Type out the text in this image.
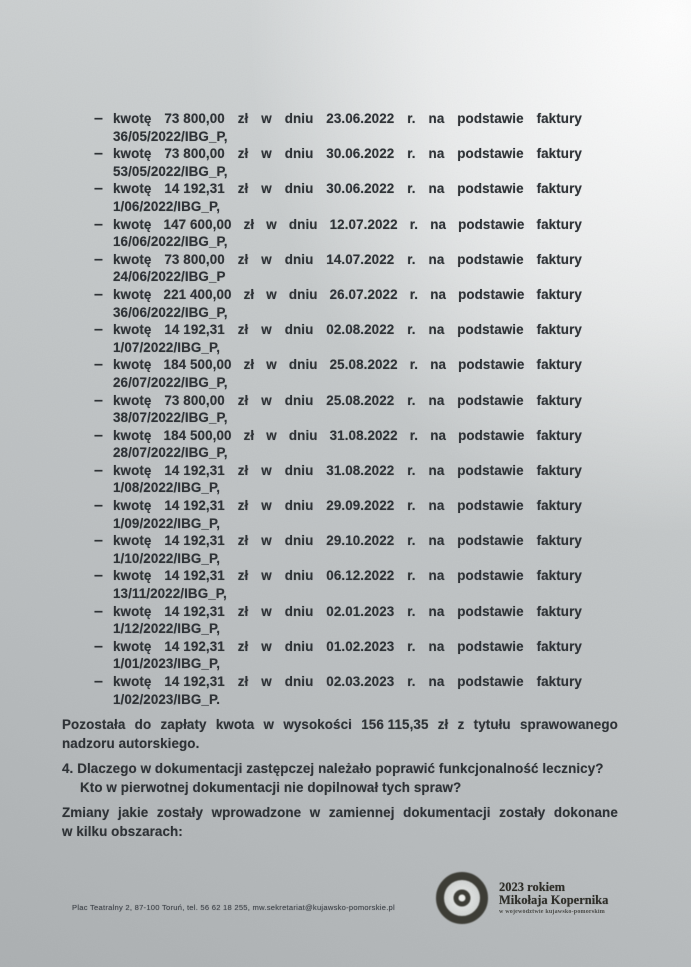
– kwotę 73 800,00 zł w dniu 23.06.2022 r. na podstawie faktury
36/05/2022/IBG_P,
– kwotę 73 800,00 zł w dniu 30.06.2022 r. na podstawie faktury
53/05/2022/IBG_P,
– kwotę 14 192,31 zł w dniu 30.06.2022 r. na podstawie faktury
1/06/2022/IBG_P,
– kwotę 147 600,00 zł w dniu 12.07.2022 r. na podstawie faktury
16/06/2022/IBG_P,
– kwotę 73 800,00 zł w dniu 14.07.2022 r. na podstawie faktury
24/06/2022/IBG_P
– kwotę 221 400,00 zł w dniu 26.07.2022 r. na podstawie faktury
36/06/2022/IBG_P,
– kwotę 14 192,31 zł w dniu 02.08.2022 r. na podstawie faktury
1/07/2022/IBG_P,
– kwotę 184 500,00 zł w dniu 25.08.2022 r. na podstawie faktury
26/07/2022/IBG_P,
– kwotę 73 800,00 zł w dniu 25.08.2022 r. na podstawie faktury
38/07/2022/IBG_P,
– kwotę 184 500,00 zł w dniu 31.08.2022 r. na podstawie faktury
28/07/2022/IBG_P,
– kwotę 14 192,31 zł w dniu 31.08.2022 r. na podstawie faktury
1/08/2022/IBG_P,
– kwotę 14 192,31 zł w dniu 29.09.2022 r. na podstawie faktury
1/09/2022/IBG_P,
– kwotę 14 192,31 zł w dniu 29.10.2022 r. na podstawie faktury
1/10/2022/IBG_P,
– kwotę 14 192,31 zł w dniu 06.12.2022 r. na podstawie faktury
13/11/2022/IBG_P,
– kwotę 14 192,31 zł w dniu 02.01.2023 r. na podstawie faktury
1/12/2022/IBG_P,
– kwotę 14 192,31 zł w dniu 01.02.2023 r. na podstawie faktury
1/01/2023/IBG_P,
– kwotę 14 192,31 zł w dniu 02.03.2023 r. na podstawie faktury
1/02/2023/IBG_P.
Pozostała do zapłaty kwota w wysokości 156 115,35 zł z tytułu sprawowanego
nadzoru autorskiego.
4. Dlaczego w dokumentacji zastępczej należało poprawić funkcjonalność lecznicy?
Kto w pierwotnej dokumentacji nie dopilnował tych spraw?
Zmiany jakie zostały wprowadzone w zamiennej dokumentacji zostały dokonane
w kilku obszarach:
Plac Teatralny 2, 87-100 Toruń, tel. 56 62 18 255, mw.sekretariat@kujawsko-pomorskie.pl
2023 rokiem
Mikołaja Kopernika
w województwie kujawsko-pomorskim
